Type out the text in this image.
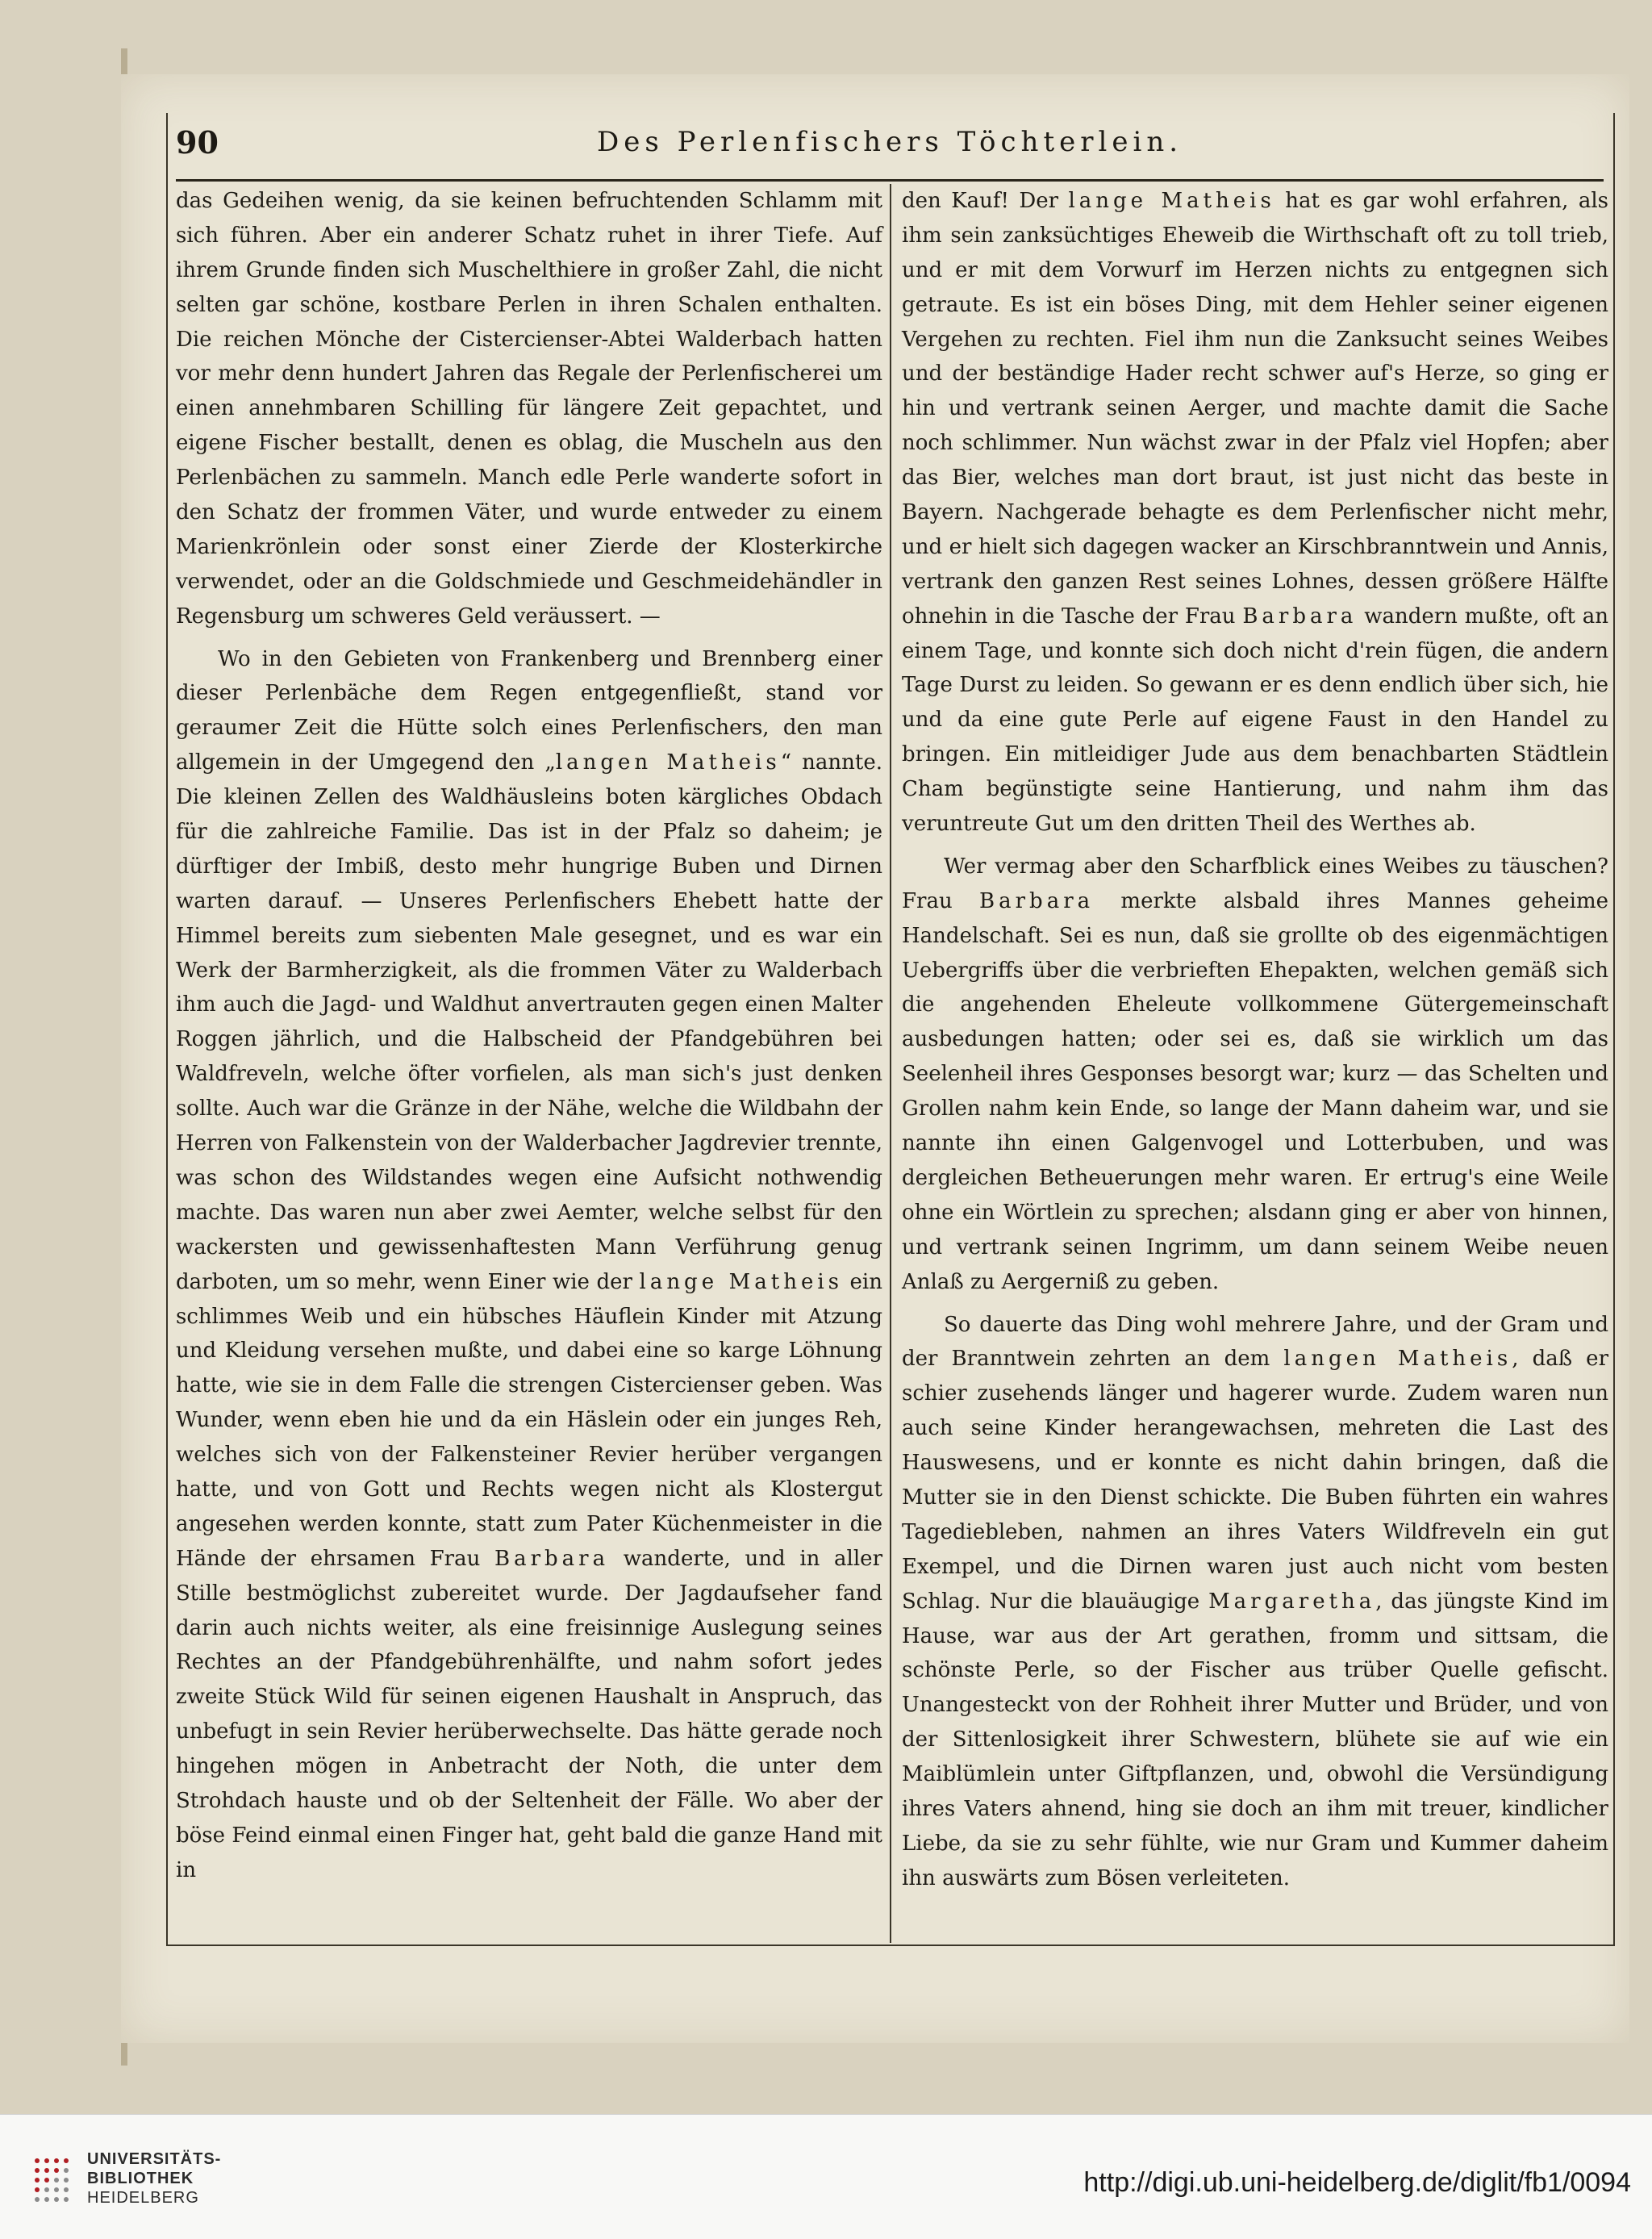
90	Des Perlenfischers Töchterlein.

das Gedeihen wenig, da sie keinen befruchtenden Schlamm mit sich führen. Aber ein anderer Schatz ruhet in ihrer Tiefe. Auf ihrem Grunde finden sich Muschelthiere in großer Zahl, die nicht selten gar schöne, kostbare Perlen in ihren Schalen enthalten. Die reichen Mönche der Cistercienser-Abtei Walderbach hatten vor mehr denn hundert Jahren das Regale der Perlenfischerei um einen annehmbaren Schilling für längere Zeit gepachtet, und eigene Fischer bestallt, denen es oblag, die Muscheln aus den Perlenbächen zu sammeln. Manch edle Perle wanderte sofort in den Schatz der frommen Väter, und wurde entweder zu einem Marienkrönlein oder sonst einer Zierde der Klosterkirche verwendet, oder an die Goldschmiede und Geschmeidehändler in Regensburg um schweres Geld veräussert. —

Wo in den Gebieten von Frankenberg und Brennberg einer dieser Perlenbäche dem Regen entgegenfließt, stand vor geraumer Zeit die Hütte solch eines Perlenfischers, den man allgemein in der Umgegend den „langen Matheis“ nannte. Die kleinen Zellen des Waldhäusleins boten kärgliches Obdach für die zahlreiche Familie. Das ist in der Pfalz so daheim; je dürftiger der Imbiß, desto mehr hungrige Buben und Dirnen warten darauf. — Unseres Perlenfischers Ehebett hatte der Himmel bereits zum siebenten Male gesegnet, und es war ein Werk der Barmherzigkeit, als die frommen Väter zu Walderbach ihm auch die Jagd- und Waldhut anvertrauten gegen einen Malter Roggen jährlich, und die Halbscheid der Pfandgebühren bei Waldfreveln, welche öfter vorfielen, als man sich's just denken sollte. Auch war die Gränze in der Nähe, welche die Wildbahn der Herren von Falkenstein von der Walderbacher Jagdrevier trennte, was schon des Wildstandes wegen eine Aufsicht nothwendig machte. Das waren nun aber zwei Aemter, welche selbst für den wackersten und gewissenhaftesten Mann Verführung genug darboten, um so mehr, wenn Einer wie der lange Matheis ein schlimmes Weib und ein hübsches Häuflein Kinder mit Atzung und Kleidung versehen mußte, und dabei eine so karge Löhnung hatte, wie sie in dem Falle die strengen Cistercienser geben. Was Wunder, wenn eben hie und da ein Häslein oder ein junges Reh, welches sich von der Falkensteiner Revier herüber vergangen hatte, und von Gott und Rechts wegen nicht als Klostergut angesehen werden konnte, statt zum Pater Küchenmeister in die Hände der ehrsamen Frau Barbara wanderte, und in aller Stille bestmöglichst zubereitet wurde. Der Jagdaufseher fand darin auch nichts weiter, als eine freisinnige Auslegung seines Rechtes an der Pfandgebührenhälfte, und nahm sofort jedes zweite Stück Wild für seinen eigenen Haushalt in Anspruch, das unbefugt in sein Revier herüberwechselte. Das hätte gerade noch hingehen mögen in Anbetracht der Noth, die unter dem Strohdach hauste und ob der Seltenheit der Fälle. Wo aber der böse Feind einmal einen Finger hat, geht bald die ganze Hand mit in

den Kauf! Der lange Matheis hat es gar wohl erfahren, als ihm sein zanksüchtiges Eheweib die Wirthschaft oft zu toll trieb, und er mit dem Vorwurf im Herzen nichts zu entgegnen sich getraute. Es ist ein böses Ding, mit dem Hehler seiner eigenen Vergehen zu rechten. Fiel ihm nun die Zanksucht seines Weibes und der beständige Hader recht schwer auf's Herze, so ging er hin und vertrank seinen Aerger, und machte damit die Sache noch schlimmer. Nun wächst zwar in der Pfalz viel Hopfen; aber das Bier, welches man dort braut, ist just nicht das beste in Bayern. Nachgerade behagte es dem Perlenfischer nicht mehr, und er hielt sich dagegen wacker an Kirschbranntwein und Annis, vertrank den ganzen Rest seines Lohnes, dessen größere Hälfte ohnehin in die Tasche der Frau Barbara wandern mußte, oft an einem Tage, und konnte sich doch nicht d'rein fügen, die andern Tage Durst zu leiden. So gewann er es denn endlich über sich, hie und da eine gute Perle auf eigene Faust in den Handel zu bringen. Ein mitleidiger Jude aus dem benachbarten Städtlein Cham begünstigte seine Hantierung, und nahm ihm das veruntreute Gut um den dritten Theil des Werthes ab.

Wer vermag aber den Scharfblick eines Weibes zu täuschen? Frau Barbara merkte alsbald ihres Mannes geheime Handelschaft. Sei es nun, daß sie grollte ob des eigenmächtigen Uebergriffs über die verbrieften Ehepakten, welchen gemäß sich die angehenden Eheleute vollkommene Gütergemeinschaft ausbedungen hatten; oder sei es, daß sie wirklich um das Seelenheil ihres Gesponses besorgt war; kurz — das Schelten und Grollen nahm kein Ende, so lange der Mann daheim war, und sie nannte ihn einen Galgenvogel und Lotterbuben, und was dergleichen Betheuerungen mehr waren. Er ertrug's eine Weile ohne ein Wörtlein zu sprechen; alsdann ging er aber von hinnen, und vertrank seinen Ingrimm, um dann seinem Weibe neuen Anlaß zu Aergerniß zu geben.

So dauerte das Ding wohl mehrere Jahre, und der Gram und der Branntwein zehrten an dem langen Matheis, daß er schier zusehends länger und hagerer wurde. Zudem waren nun auch seine Kinder herangewachsen, mehreten die Last des Hauswesens, und er konnte es nicht dahin bringen, daß die Mutter sie in den Dienst schickte. Die Buben führten ein wahres Tagediebleben, nahmen an ihres Vaters Wildfreveln ein gut Exempel, und die Dirnen waren just auch nicht vom besten Schlag. Nur die blauäugige Margaretha, das jüngste Kind im Hause, war aus der Art gerathen, fromm und sittsam, die schönste Perle, so der Fischer aus trüber Quelle gefischt. Unangesteckt von der Rohheit ihrer Mutter und Brüder, und von der Sittenlosigkeit ihrer Schwestern, blühete sie auf wie ein Maiblümlein unter Giftpflanzen, und, obwohl die Versündigung ihres Vaters ahnend, hing sie doch an ihm mit treuer, kindlicher Liebe, da sie zu sehr fühlte, wie nur Gram und Kummer daheim ihn auswärts zum Bösen verleiteten.

UNIVERSITÄTS-
BIBLIOTHEK
HEIDELBERG	http://digi.ub.uni-heidelberg.de/diglit/fb1/0094
